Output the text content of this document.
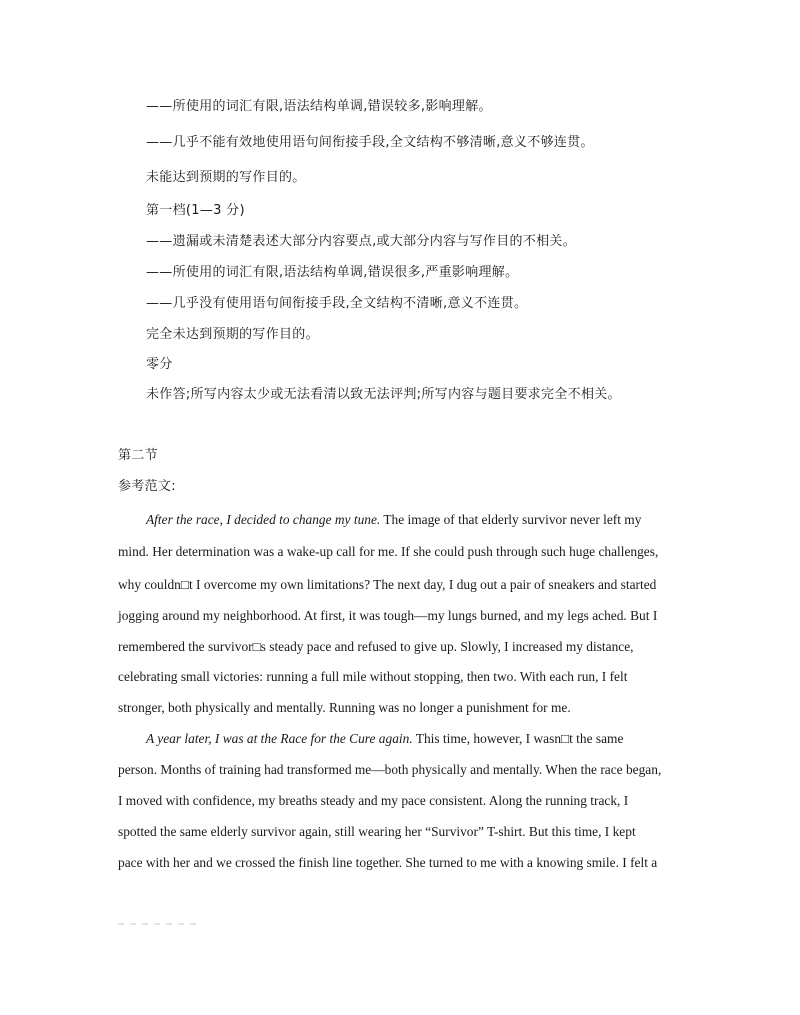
——所使用的词汇有限,语法结构单调,错误较多,影响理解。
——几乎不能有效地使用语句间衔接手段,全文结构不够清晰,意义不够连贯。
未能达到预期的写作目的。
第一档(1—3 分)
——遗漏或未清楚表述大部分内容要点,或大部分内容与写作目的不相关。
——所使用的词汇有限,语法结构单调,错误很多,严重影响理解。
——几乎没有使用语句间衔接手段,全文结构不清晰,意义不连贯。
完全未达到预期的写作目的。
零分
未作答;所写内容太少或无法看清以致无法评判;所写内容与题目要求完全不相关。
第二节
参考范文:
After the race, I decided to change my tune. The image of that elderly survivor never left my
mind. Her determination was a wake-up call for me. If she could push through such huge challenges,
why couldn□t I overcome my own limitations? The next day, I dug out a pair of sneakers and started
jogging around my neighborhood. At first, it was tough—my lungs burned, and my legs ached. But I
remembered the survivor□s steady pace and refused to give up. Slowly, I increased my distance,
celebrating small victories: running a full mile without stopping, then two. With each run, I felt
stronger, both physically and mentally. Running was no longer a punishment for me.
A year later, I was at the Race for the Cure again. This time, however, I wasn□t the same
person. Months of training had transformed me—both physically and mentally. When the race began,
I moved with confidence, my breaths steady and my pace consistent. Along the running track, I
spotted the same elderly survivor again, still wearing her “Survivor” T-shirt. But this time, I kept
pace with her and we crossed the finish line together. She turned to me with a knowing smile. I felt a
